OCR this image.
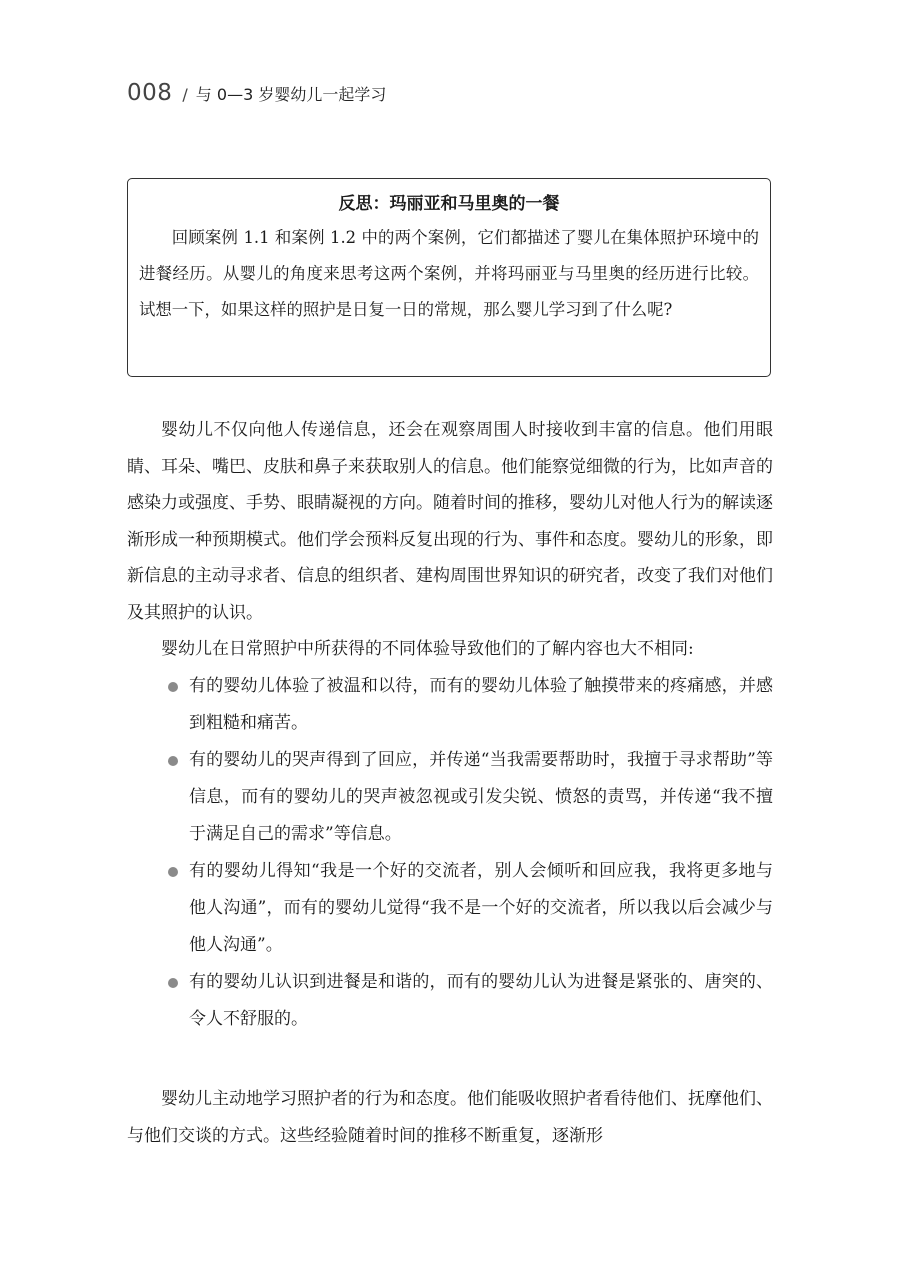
008 / 与 0—3 岁婴幼儿一起学习
反思：玛丽亚和马里奥的一餐

回顾案例 1.1 和案例 1.2 中的两个案例，它们都描述了婴儿在集体照护环境中的进餐经历。从婴儿的角度来思考这两个案例，并将玛丽亚与马里奥的经历进行比较。试想一下，如果这样的照护是日复一日的常规，那么婴儿学习到了什么呢?

婴幼儿不仅向他人传递信息，还会在观察周围人时接收到丰富的信息。他们用眼睛、耳朵、嘴巴、皮肤和鼻子来获取别人的信息。他们能察觉细微的行为，比如声音的感染力或强度、手势、眼睛凝视的方向。随着时间的推移，婴幼儿对他人行为的解读逐渐形成一种预期模式。他们学会预料反复出现的行为、事件和态度。婴幼儿的形象，即新信息的主动寻求者、信息的组织者、建构周围世界知识的研究者，改变了我们对他们及其照护的认识。

婴幼儿在日常照护中所获得的不同体验导致他们的了解内容也大不相同:

有的婴幼儿体验了被温和以待，而有的婴幼儿体验了触摸带来的疼痛感，并感到粗糙和痛苦。
有的婴幼儿的哭声得到了回应，并传递“当我需要帮助时，我擅于寻求帮助”等信息，而有的婴幼儿的哭声被忽视或引发尖锐、愤怒的责骂，并传递“我不擅于满足自己的需求”等信息。
有的婴幼儿得知“我是一个好的交流者，别人会倾听和回应我，我将更多地与他人沟通”，而有的婴幼儿觉得“我不是一个好的交流者，所以我以后会减少与他人沟通”。
有的婴幼儿认识到进餐是和谐的，而有的婴幼儿认为进餐是紧张的、唐突的、令人不舒服的。

婴幼儿主动地学习照护者的行为和态度。他们能吸收照护者看待他们、抚摩他们、与他们交谈的方式。这些经验随着时间的推移不断重复，逐渐形
